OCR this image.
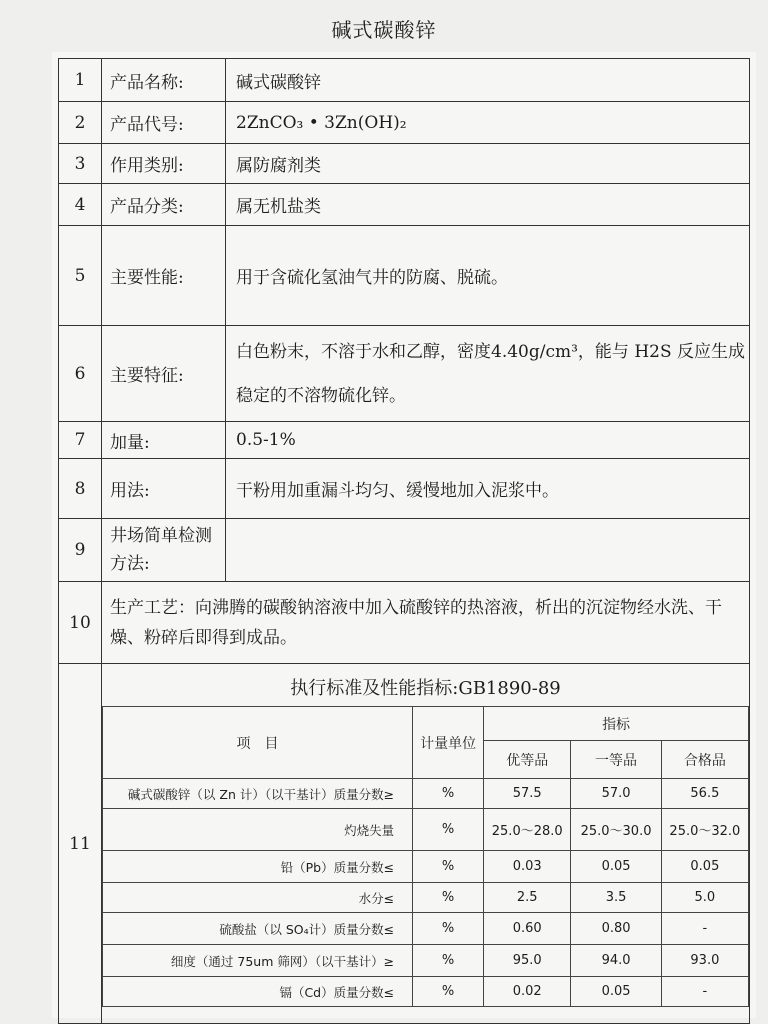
碱式碳酸锌
1	产品名称:	碱式碳酸锌
2	产品代号:	2ZnCO₃ • 3Zn(OH)₂
3	作用类别:	属防腐剂类
4	产品分类:	属无机盐类
5	主要性能:	用于含硫化氢油气井的防腐、脱硫。
6	主要特征:	白色粉末，不溶于水和乙醇，密度4.40g/cm³，能与 H2S 反应生成稳定的不溶物硫化锌。
7	加量:	0.5-1%
8	用法:	干粉用加重漏斗均匀、缓慢地加入泥浆中。
9	井场简单检测方法:	
10	生产工艺：向沸腾的碳酸钠溶液中加入硫酸锌的热溶液，析出的沉淀物经水洗、干燥、粉碎后即得到成品。
11	
执行标准及性能指标:GB1890-89
项　目	计量单位	指标
优等品	一等品	合格品
碱式碳酸锌（以 Zn 计）（以干基计）质量分数≥	%	57.5	57.0	56.5
灼烧失量	%	25.0～28.0	25.0～30.0	25.0～32.0
铅（Pb）质量分数≤	%	0.03	0.05	0.05
水分≤	%	2.5	3.5	5.0
硫酸盐（以 SO₄计）质量分数≤	%	0.60	0.80	-
细度（通过 75um 筛网）（以干基计）≥	%	95.0	94.0	93.0
镉（Cd）质量分数≤	%	0.02	0.05	-
